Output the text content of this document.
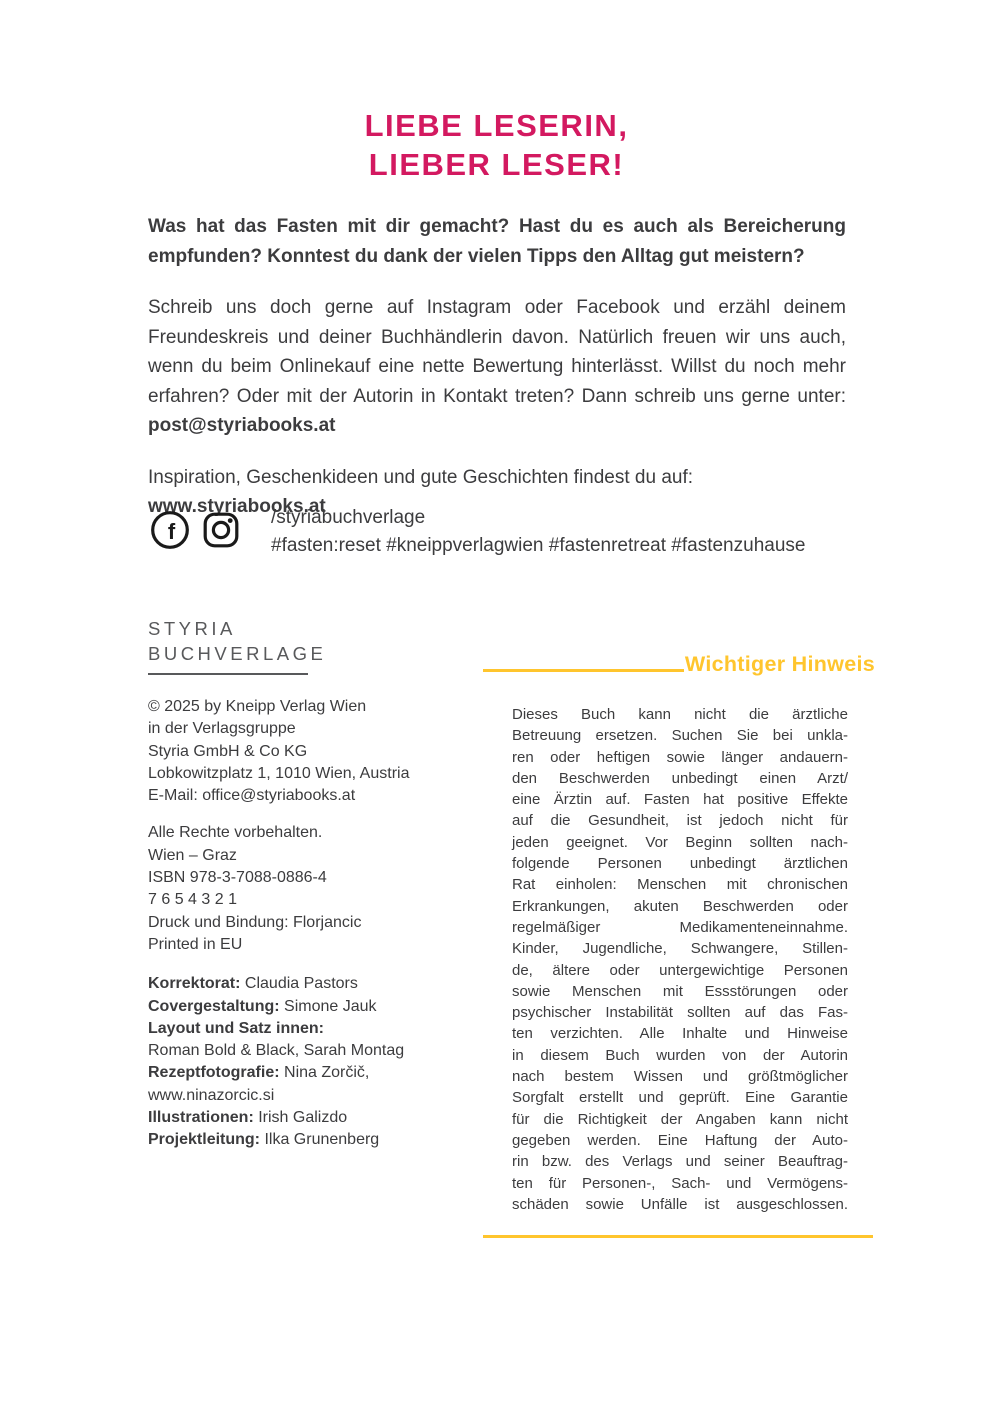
LIEBE LESERIN,
LIEBER LESER!

Was hat das Fasten mit dir gemacht? Hast du es auch als Bereicherung empfunden? Konntest du dank der vielen Tipps den Alltag gut meistern?

Schreib uns doch gerne auf Instagram oder Facebook und erzähl deinem Freundeskreis und deiner Buchhändlerin davon. Natürlich freuen wir uns auch, wenn du beim Onlinekauf eine nette Bewertung hinterlässt. Willst du noch mehr erfahren? Oder mit der Autorin in Kontakt treten? Dann schreib uns gerne unter: post@styriabooks.at

Inspiration, Geschenkideen und gute Geschichten findest du auf:
www.styriabooks.at

f
/styriabuchverlage
#fasten:reset #kneippverlagwien #fastenretreat #fastenzuhause
STYRIA
BUCHVERLAGE
© 2025 by Kneipp Verlag Wien
in der Verlagsgruppe
Styria GmbH & Co KG
Lobkowitzplatz 1, 1010 Wien, Austria
E-Mail: office@styriabooks.at
Alle Rechte vorbehalten.
Wien – Graz
ISBN 978-3-7088-0886-4
7 6 5 4 3 2 1
Druck und Bindung: Florjancic
Printed in EU
Korrektorat: Claudia Pastors
Covergestaltung: Simone Jauk
Layout und Satz innen:
Roman Bold & Black, Sarah Montag
Rezeptfotografie: Nina Zorčič,
www.ninazorcic.si
Illustrationen: Irish Galizdo
Projektleitung: Ilka Grunenberg
Wichtiger Hinweis
Dieses Buch kann nicht die ärztliche
Betreuung ersetzen. Suchen Sie bei unkla-
ren oder heftigen sowie länger andauern-
den Beschwerden unbedingt einen Arzt/
eine Ärztin auf. Fasten hat positive Effekte
auf die Gesundheit, ist jedoch nicht für
jeden geeignet. Vor Beginn sollten nach-
folgende Personen unbedingt ärztlichen
Rat einholen: Menschen mit chronischen
Erkrankungen, akuten Beschwerden oder
regelmäßiger Medikamenteneinnahme.
Kinder, Jugendliche, Schwangere, Stillen-
de, ältere oder untergewichtige Personen
sowie Menschen mit Essstörungen oder
psychischer Instabilität sollten auf das Fas-
ten verzichten. Alle Inhalte und Hinweise
in diesem Buch wurden von der Autorin
nach bestem Wissen und größtmöglicher
Sorgfalt erstellt und geprüft. Eine Garantie
für die Richtigkeit der Angaben kann nicht
gegeben werden. Eine Haftung der Auto-
rin bzw. des Verlags und seiner Beauftrag-
ten für Personen-, Sach- und Vermögens-
schäden sowie Unfälle ist ausgeschlossen.
